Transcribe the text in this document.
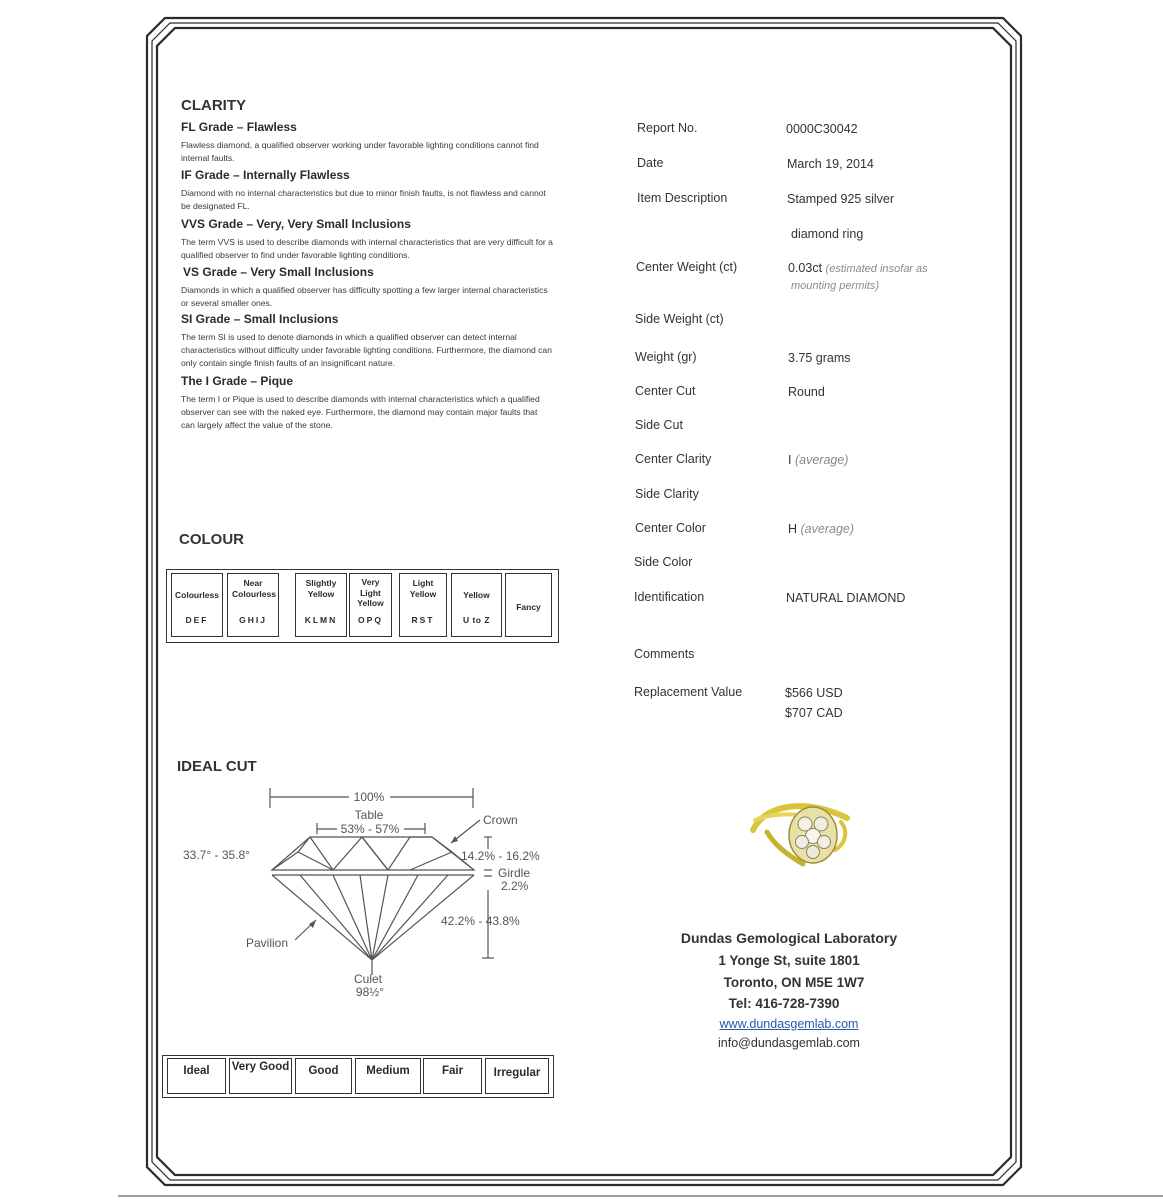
CLARITY
FL Grade – Flawless
Flawless diamond, a qualified observer working under favorable lighting conditions cannot find internal faults.
IF Grade – Internally Flawless
Diamond with no internal characteristics but due to minor finish faults, is not flawless and cannot be designated FL.
VVS Grade – Very, Very Small Inclusions
The term VVS is used to describe diamonds with internal characteristics that are very difficult for a qualified observer to find under favorable lighting conditions.
VS Grade – Very Small Inclusions
Diamonds in which a qualified observer has difficulty spotting a few larger internal characteristics or several smaller ones.
SI Grade – Small Inclusions
The term SI is used to denote diamonds in which a qualified observer can detect internal characteristics without difficulty under favorable lighting conditions. Furthermore, the diamond can only contain single finish faults of an insignificant nature.
The I Grade – Pique
The term I or Pique is used to describe diamonds with internal characteristics which a qualified observer can see with the naked eye. Furthermore, the diamond may contain major faults that can largely affect the value of the stone.
COLOUR
Colourless
DEF
Near Colourless
GHIJ
Slightly Yellow
KLMN
Very Light Yellow
OPQ
Light Yellow
RST
Yellow
U to Z
Fancy
IDEAL CUT
100%
Table
53% - 57%
Crown
33.7° - 35.8°	14.2% - 16.2%
Girdle
2.2%
42.2% - 43.8%
Pavilion
Culet
98½°
Ideal	Very Good	Good	Medium	Fair	Irregular
Report No.	0000C30042
Date	March 19, 2014
Item Description	Stamped 925 silver
diamond ring
Center Weight (ct)	0.03ct (estimated insofar as
mounting permits)
Side Weight (ct)
Weight (gr)	3.75 grams
Center Cut	Round
Side Cut
Center Clarity	I (average)
Side Clarity
Center Color	H (average)
Side Color
Identification	NATURAL DIAMOND
Comments
Replacement Value	$566 USD
$707 CAD
Dundas Gemological Laboratory
1 Yonge St, suite 1801
Toronto, ON M5E 1W7
Tel: 416-728-7390
www.dundasgemlab.com
info@dundasgemlab.com
